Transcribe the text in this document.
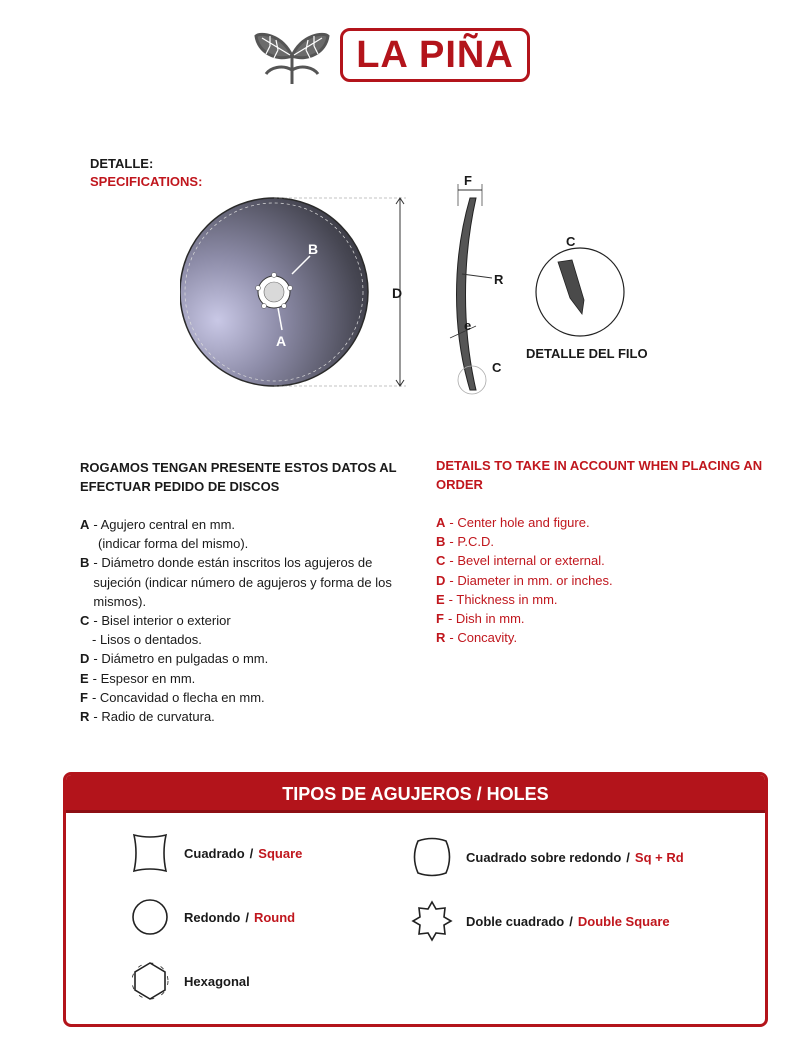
LA PIÑA
DETALLE:
SPECIFICATIONS:
A
B
D
F
R
e
C
C
DETALLE DEL FILO
ROGAMOS TENGAN PRESENTE ESTOS DATOS AL EFECTUAR PEDIDO DE DISCOS
A - Agujero central en mm.
(indicar forma del mismo).
B - Diámetro donde están inscritos los agujeros de sujeción (indicar número de agujeros y forma de los mismos).
C - Bisel interior o exterior
- Lisos o dentados.
D - Diámetro en pulgadas o mm.
E - Espesor en mm.
F - Concavidad o flecha en mm.
R - Radio de curvatura.
DETAILS TO TAKE IN ACCOUNT WHEN PLACING AN ORDER
A - Center hole and figure.
B - P.C.D.
C - Bevel internal or external.
D - Diameter in mm. or inches.
E - Thickness in mm.
F - Dish in mm.
R - Concavity.
TIPOS DE AGUJEROS / HOLES
Cuadrado / Square
Redondo / Round
Hexagonal
Cuadrado sobre redondo / Sq + Rd
Doble cuadrado / Double Square
